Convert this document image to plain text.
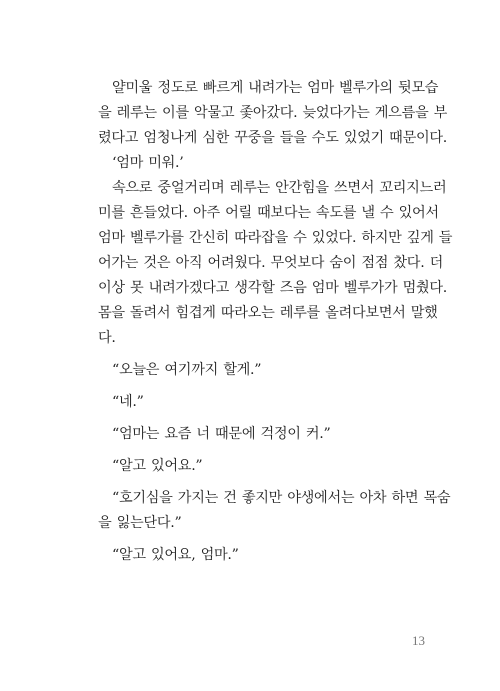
얄미울 정도로 빠르게 내려가는 엄마 벨루가의 뒷모습
을 레루는 이를 악물고 좇아갔다. 늦었다가는 게으름을 부
렸다고 엄청나게 심한 꾸중을 들을 수도 있었기 때문이다.
‘엄마 미워.’
속으로 중얼거리며 레루는 안간힘을 쓰면서 꼬리지느러
미를 흔들었다. 아주 어릴 때보다는 속도를 낼 수 있어서
엄마 벨루가를 간신히 따라잡을 수 있었다. 하지만 깊게 들
어가는 것은 아직 어려웠다. 무엇보다 숨이 점점 찼다. 더
이상 못 내려가겠다고 생각할 즈음 엄마 벨루가가 멈췄다.
몸을 돌려서 힘겹게 따라오는 레루를 올려다보면서 말했
다.
“오늘은 여기까지 할게.”
“네.”
“엄마는 요즘 너 때문에 걱정이 커.”
“알고 있어요.”
“호기심을 가지는 건 좋지만 야생에서는 아차 하면 목숨
을 잃는단다.”
“알고 있어요, 엄마.”
13
